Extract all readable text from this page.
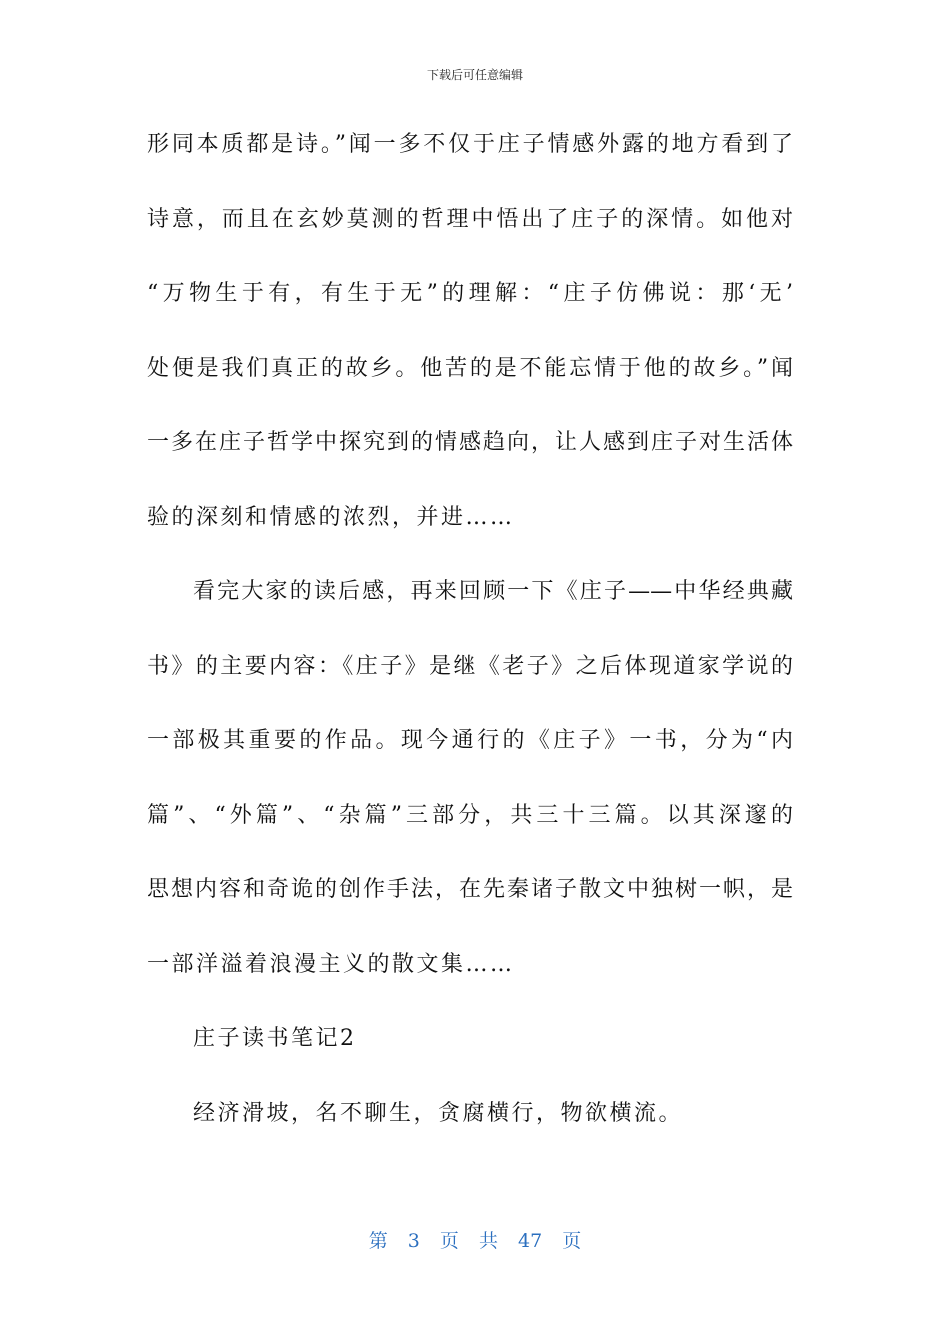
下载后可任意编辑
形同本质都是诗。”闻一多不仅于庄子情感外露的地方看到了
诗意，而且在玄妙莫测的哲理中悟出了庄子的深情。如他对
“万物生于有，有生于无”的理解：“庄子仿佛说：那‘无’
处便是我们真正的故乡。他苦的是不能忘情于他的故乡。”闻
一多在庄子哲学中探究到的情感趋向，让人感到庄子对生活体
验的深刻和情感的浓烈，并进……
看完大家的读后感，再来回顾一下《庄子——中华经典藏
书》的主要内容：《庄子》是继《老子》之后体现道家学说的
一部极其重要的作品。现今通行的《庄子》一书，分为“内
篇”、“外篇”、“杂篇”三部分，共三十三篇。以其深邃的
思想内容和奇诡的创作手法，在先秦诸子散文中独树一帜，是
一部洋溢着浪漫主义的散文集……
庄子读书笔记2
经济滑坡，名不聊生，贪腐横行，物欲横流。
第 3 页 共 47 页
